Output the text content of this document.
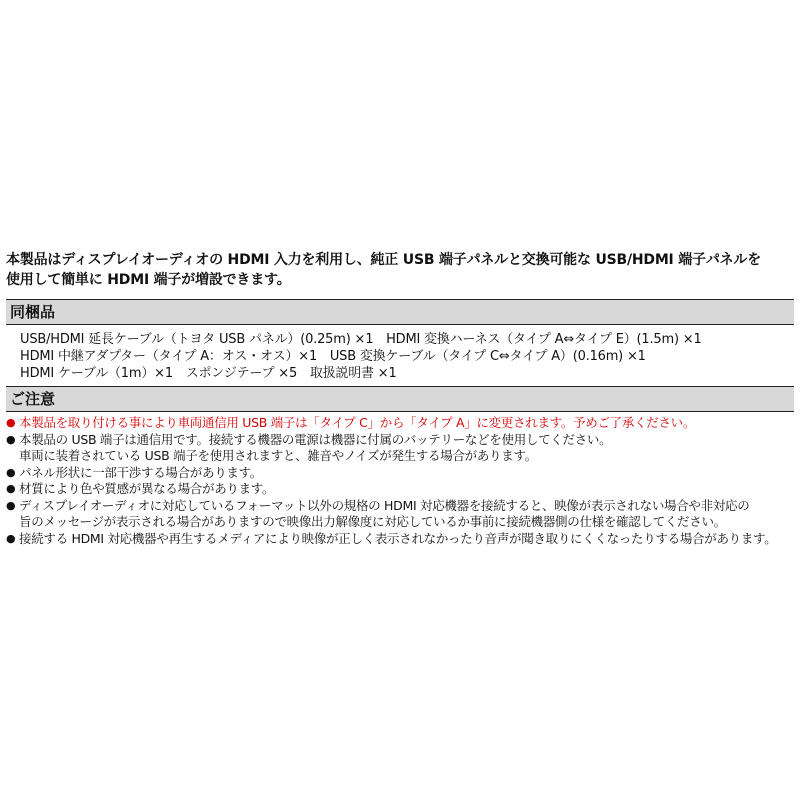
本製品はディスプレイオーディオの HDMI 入力を利用し、純正 USB 端子パネルと交換可能な USB/HDMI 端子パネルを
使用して簡単に HDMI 端子が増設できます。
同梱品
USB/HDMI 延長ケーブル（トヨタ USB パネル）(0.25m) ×1　HDMI 変換ハーネス（タイプ A⇔タイプ E）(1.5m) ×1
HDMI 中継アダプター（タイプ A：オス・オス）×1　USB 変換ケーブル（タイプ C⇔タイプ A）(0.16m) ×1
HDMI ケーブル（1m）×1　スポンジテープ ×5　取扱説明書 ×1
ご注意
● 本製品を取り付ける事により車両通信用 USB 端子は「タイプ C」から「タイプ A」に変更されます。予めご了承ください。
● 本製品の USB 端子は通信用です。接続する機器の電源は機器に付属のバッテリーなどを使用してください。
車両に装着されている USB 端子を使用されますと、雑音やノイズが発生する場合があります。
● パネル形状に一部干渉する場合があります。
● 材質により色や質感が異なる場合があります。
● ディスプレイオーディオに対応しているフォーマット以外の規格の HDMI 対応機器を接続すると、映像が表示されない場合や非対応の
旨のメッセージが表示される場合がありますので映像出力解像度に対応しているか事前に接続機器側の仕様を確認してください。
● 接続する HDMI 対応機器や再生するメディアにより映像が正しく表示されなかったり音声が聞き取りにくくなったりする場合があります。
